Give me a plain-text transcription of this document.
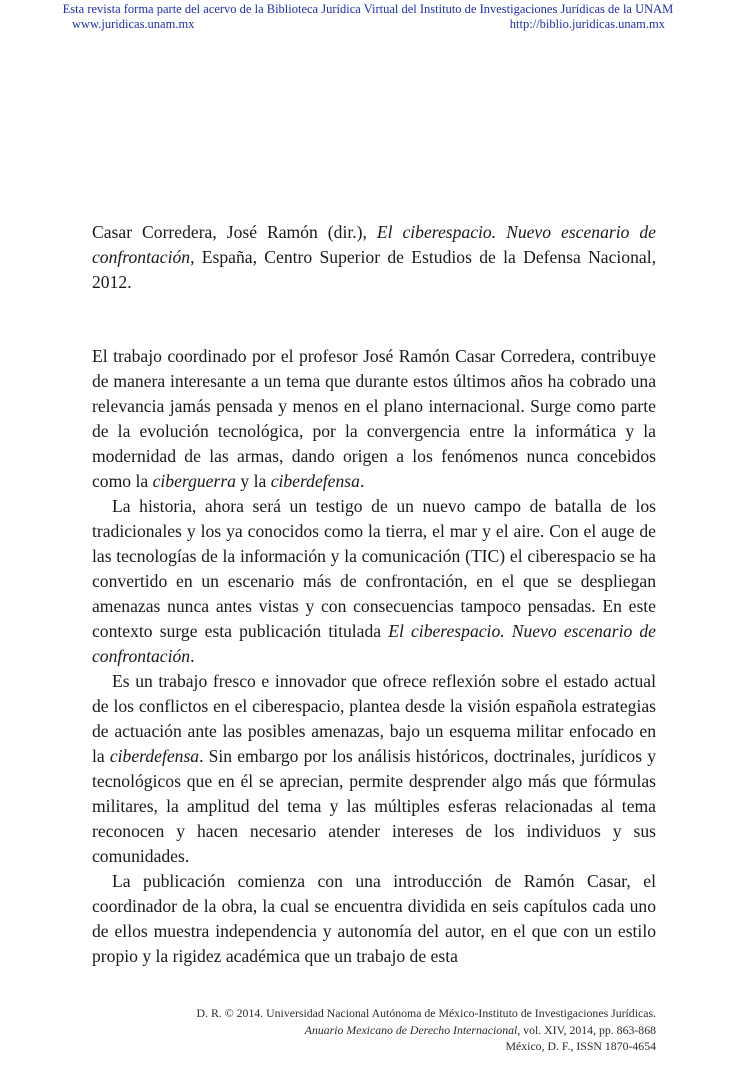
Esta revista forma parte del acervo de la Biblioteca Jurídica Virtual del Instituto de Investigaciones Jurídicas de la UNAM
www.juridicas.unam.mx	http://biblio.juridicas.unam.mx
Casar Corredera, José Ramón (dir.), El ciberespacio. Nuevo escenario de confrontación, España, Centro Superior de Estudios de la Defensa Nacional, 2012.

El trabajo coordinado por el profesor José Ramón Casar Corredera, contribuye de manera interesante a un tema que durante estos últimos años ha cobrado una relevancia jamás pensada y menos en el plano internacional. Surge como parte de la evolución tecnológica, por la convergencia entre la informática y la modernidad de las armas, dando origen a los fenómenos nunca concebidos como la ciberguerra y la ciberdefensa.

La historia, ahora será un testigo de un nuevo campo de batalla de los tradicionales y los ya conocidos como la tierra, el mar y el aire. Con el auge de las tecnologías de la información y la comunicación (TIC) el ciberespacio se ha convertido en un escenario más de confrontación, en el que se despliegan amenazas nunca antes vistas y con consecuencias tampoco pensadas. En este contexto surge esta publicación titulada El ciberespacio. Nuevo escenario de confrontación.

Es un trabajo fresco e innovador que ofrece reflexión sobre el estado actual de los conflictos en el ciberespacio, plantea desde la visión española estrategias de actuación ante las posibles amenazas, bajo un esquema militar enfocado en la ciberdefensa. Sin embargo por los análisis históricos, doctrinales, jurídicos y tecnológicos que en él se aprecian, permite desprender algo más que fórmulas militares, la amplitud del tema y las múltiples esferas relacionadas al tema reconocen y hacen necesario atender intereses de los individuos y sus comunidades.

La publicación comienza con una introducción de Ramón Casar, el coordinador de la obra, la cual se encuentra dividida en seis capítulos cada uno de ellos muestra independencia y autonomía del autor, en el que con un estilo propio y la rigidez académica que un trabajo de esta

D. R. © 2014. Universidad Nacional Autónoma de México-Instituto de Investigaciones Jurídicas.
Anuario Mexicano de Derecho Internacional, vol. XIV, 2014, pp. 863-868
México, D. F., ISSN 1870-4654
